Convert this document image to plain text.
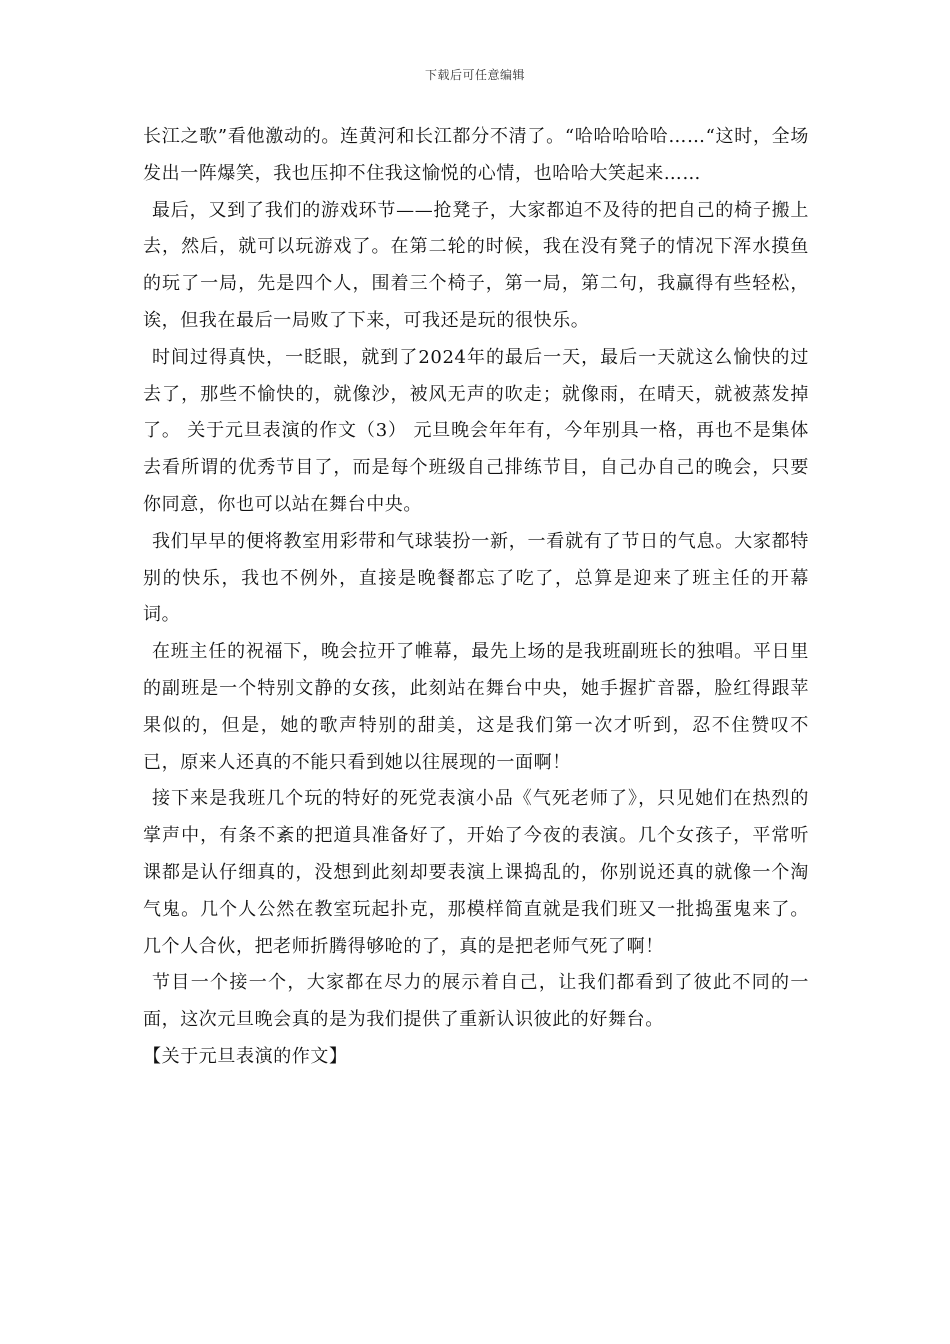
下载后可任意编辑

长江之歌”看他激动的。连黄河和长江都分不清了。“哈哈哈哈哈……“这时，全场发出一阵爆笑，我也压抑不住我这愉悦的心情，也哈哈大笑起来……

最后，又到了我们的游戏环节——抢凳子，大家都迫不及待的把自己的椅子搬上去，然后，就可以玩游戏了。在第二轮的时候，我在没有凳子的情况下浑水摸鱼的玩了一局，先是四个人，围着三个椅子，第一局，第二句，我赢得有些轻松，诶，但我在最后一局败了下来，可我还是玩的很快乐。

时间过得真快，一眨眼，就到了2024年的最后一天，最后一天就这么愉快的过去了，那些不愉快的，就像沙，被风无声的吹走；就像雨，在晴天，就被蒸发掉了。 关于元旦表演的作文（3） 元旦晚会年年有，今年别具一格，再也不是集体去看所谓的优秀节目了，而是每个班级自己排练节目，自己办自己的晚会，只要你同意，你也可以站在舞台中央。

我们早早的便将教室用彩带和气球装扮一新，一看就有了节日的气息。大家都特别的快乐，我也不例外，直接是晚餐都忘了吃了，总算是迎来了班主任的开幕词。

在班主任的祝福下，晚会拉开了帷幕，最先上场的是我班副班长的独唱。平日里的副班是一个特别文静的女孩，此刻站在舞台中央，她手握扩音器，脸红得跟苹果似的，但是，她的歌声特别的甜美，这是我们第一次才听到，忍不住赞叹不已，原来人还真的不能只看到她以往展现的一面啊！

接下来是我班几个玩的特好的死党表演小品《气死老师了》，只见她们在热烈的掌声中，有条不紊的把道具准备好了，开始了今夜的表演。几个女孩子，平常听课都是认仔细真的，没想到此刻却要表演上课捣乱的，你别说还真的就像一个淘气鬼。几个人公然在教室玩起扑克，那模样简直就是我们班又一批捣蛋鬼来了。几个人合伙，把老师折腾得够呛的了，真的是把老师气死了啊！

节目一个接一个，大家都在尽力的展示着自己，让我们都看到了彼此不同的一面，这次元旦晚会真的是为我们提供了重新认识彼此的好舞台。

【关于元旦表演的作文】
